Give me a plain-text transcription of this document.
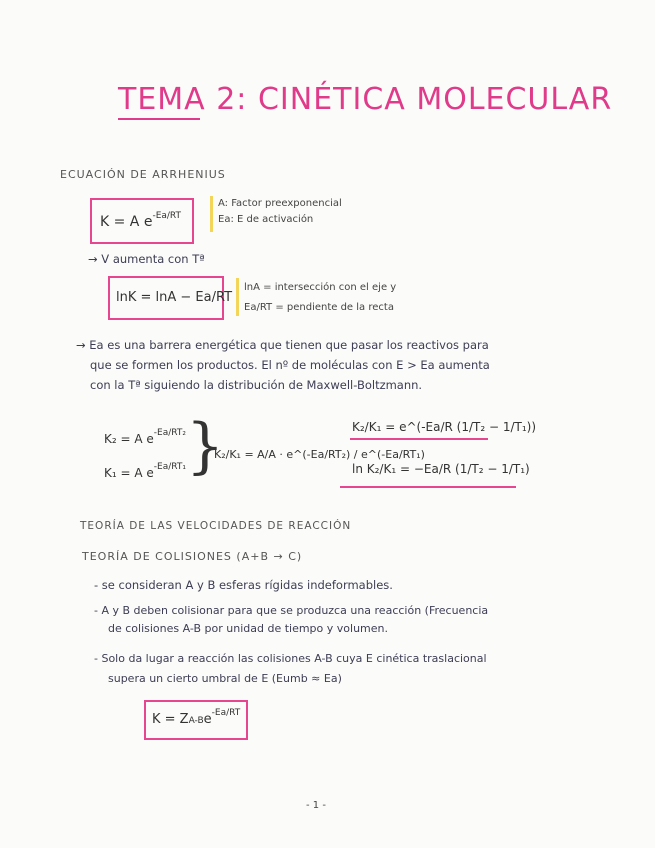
TEMA 2: CINÉTICA MOLECULAR
ECUACIÓN DE ARRHENIUS
K = A $e^{-Ea/RT}$
A: Factor preexponencial
Ea: E de activación
→ V aumenta con Tª
lnK = lnA − Ea/RT
lnA = intersección con el eje y
Ea/RT = pendiente de la recta
→ Ea es una barrera energética que tienen que pasar los reactivos para
que se formen los productos. El nº de moléculas con E > Ea aumenta
con la Tª siguiendo la distribución de Maxwell-Boltzmann.
K₂ = A $e^{-Ea/RT_2}$
K₁ = A $e^{-Ea/RT_1}$ }
K₂/K₁ = A/A · e^(-Ea/RT₂) / e^(-Ea/RT₁)
K₂/K₁ = e^(-Ea/R (1/T₂ − 1/T₁))
ln K₂/K₁ = −Ea/R (1/T₂ − 1/T₁)
TEORÍA DE LAS VELOCIDADES DE REACCIÓN
TEORÍA DE COLISIONES (A+B → C)
- se consideran A y B esferas rígidas indeformables.
- A y B deben colisionar para que se produzca una reacción (Frecuencia
de colisiones A-B por unidad de tiempo y volumen.
- Solo da lugar a reacción las colisiones A-B cuya E cinética traslacional
supera un cierto umbral de E (Eumb ≈ Ea)
$K = ZA-Be^{-Ea/RT}$
- 1 -
